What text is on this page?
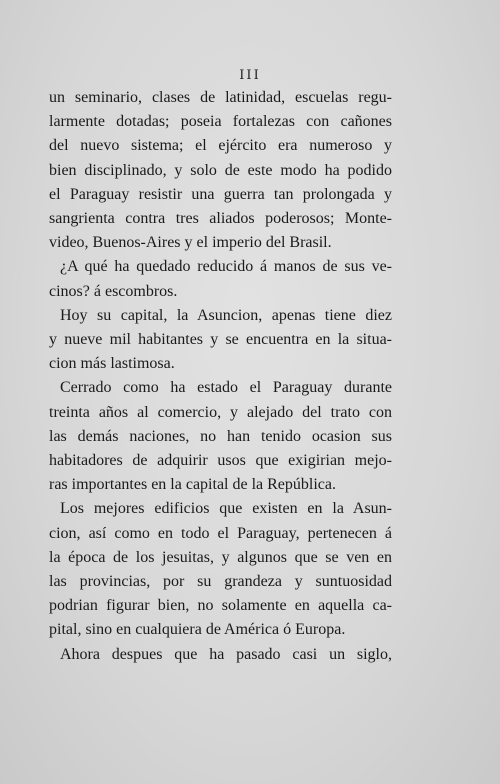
III
un seminario, clases de latinidad, escuelas regu-
larmente dotadas; poseia fortalezas con cañones
del nuevo sistema; el ejército era numeroso y
bien disciplinado, y solo de este modo ha podido
el Paraguay resistir una guerra tan prolongada y
sangrienta contra tres aliados poderosos; Monte-
video, Buenos-Aires y el imperio del Brasil.
¿A qué ha quedado reducido á manos de sus ve-
cinos? á escombros.
Hoy su capital, la Asuncion, apenas tiene diez
y nueve mil habitantes y se encuentra en la situa-
cion más lastimosa.
Cerrado como ha estado el Paraguay durante
treinta años al comercio, y alejado del trato con
las demás naciones, no han tenido ocasion sus
habitadores de adquirir usos que exigirian mejo-
ras importantes en la capital de la República.
Los mejores edificios que existen en la Asun-
cion, así como en todo el Paraguay, pertenecen á
la época de los jesuitas, y algunos que se ven en
las provincias, por su grandeza y suntuosidad
podrian figurar bien, no solamente en aquella ca-
pital, sino en cualquiera de América ó Europa.
Ahora despues que ha pasado casi un siglo,
